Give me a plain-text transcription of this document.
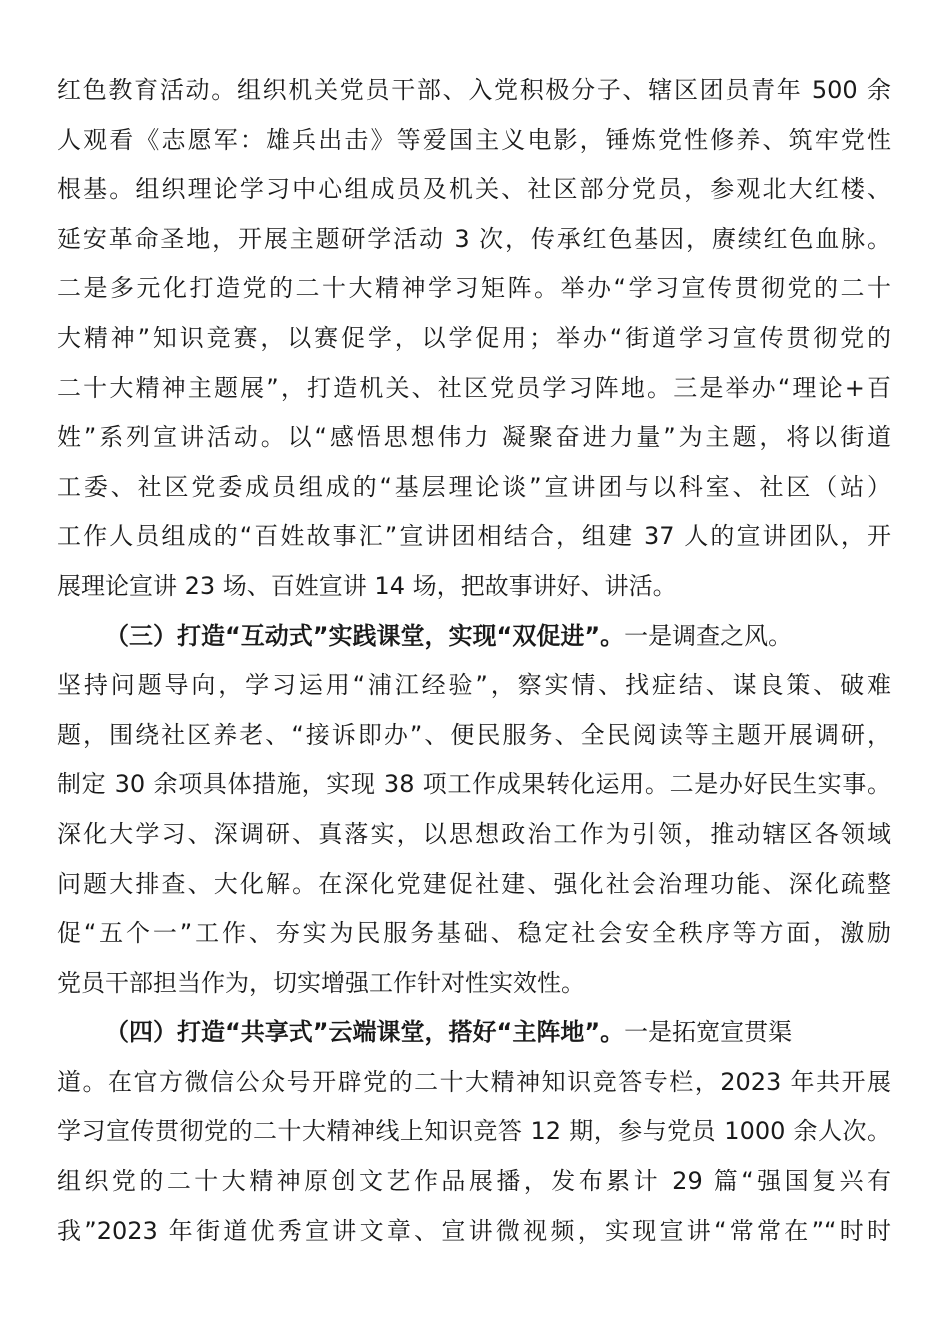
红色教育活动。组织机关党员干部、入党积极分子、辖区团员青年 500 余
人观看《志愿军：雄兵出击》等爱国主义电影，锤炼党性修养、筑牢党性
根基。组织理论学习中心组成员及机关、社区部分党员，参观北大红楼、
延安革命圣地，开展主题研学活动 3 次，传承红色基因，赓续红色血脉。
二是多元化打造党的二十大精神学习矩阵。举办“学习宣传贯彻党的二十
大精神”知识竞赛，以赛促学，以学促用；举办“街道学习宣传贯彻党的
二十大精神主题展”，打造机关、社区党员学习阵地。三是举办“理论+百
姓”系列宣讲活动。以“感悟思想伟力 凝聚奋进力量”为主题，将以街道
工委、社区党委成员组成的“基层理论谈”宣讲团与以科室、社区（站）
工作人员组成的“百姓故事汇”宣讲团相结合，组建 37 人的宣讲团队，开
展理论宣讲 23 场、百姓宣讲 14 场，把故事讲好、讲活。
（三）打造“互动式”实践课堂，实现“双促进”。一是调查之风。
坚持问题导向，学习运用“浦江经验”，察实情、找症结、谋良策、破难
题，围绕社区养老、“接诉即办”、便民服务、全民阅读等主题开展调研，
制定 30 余项具体措施，实现 38 项工作成果转化运用。二是办好民生实事。
深化大学习、深调研、真落实，以思想政治工作为引领，推动辖区各领域
问题大排查、大化解。在深化党建促社建、强化社会治理功能、深化疏整
促“五个一”工作、夯实为民服务基础、稳定社会安全秩序等方面，激励
党员干部担当作为，切实增强工作针对性实效性。
（四）打造“共享式”云端课堂，搭好“主阵地”。一是拓宽宣贯渠
道。在官方微信公众号开辟党的二十大精神知识竞答专栏，2023 年共开展
学习宣传贯彻党的二十大精神线上知识竞答 12 期，参与党员 1000 余人次。
组织党的二十大精神原创文艺作品展播，发布累计 29 篇“强国复兴有
我”2023 年街道优秀宣讲文章、宣讲微视频，实现宣讲“常常在”“时时
